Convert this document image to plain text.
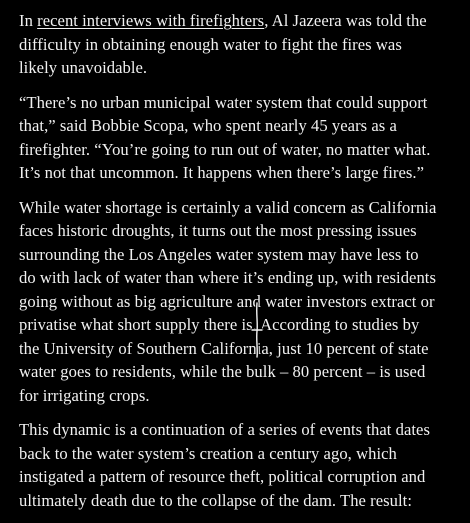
In recent interviews with firefighters, Al Jazeera was told the
difficulty in obtaining enough water to fight the fires was
likely unavoidable.

“There’s no urban municipal water system that could support
that,” said Bobbie Scopa, who spent nearly 45 years as a
firefighter. “You’re going to run out of water, no matter what.
It’s not that uncommon. It happens when there’s large fires.”

While water shortage is certainly a valid concern as California
faces historic droughts, it turns out the most pressing issues
surrounding the Los Angeles water system may have less to
do with lack of water than where it’s ending up, with residents
going without as big agriculture and water investors extract or
privatise what short supply there is. According to studies by
the University of Southern California, just 10 percent of state
water goes to residents, while the bulk – 80 percent – is used
for irrigating crops.

This dynamic is a continuation of a series of events that dates
back to the water system’s creation a century ago, which
instigated a pattern of resource theft, political corruption and
ultimately death due to the collapse of the dam. The result:
